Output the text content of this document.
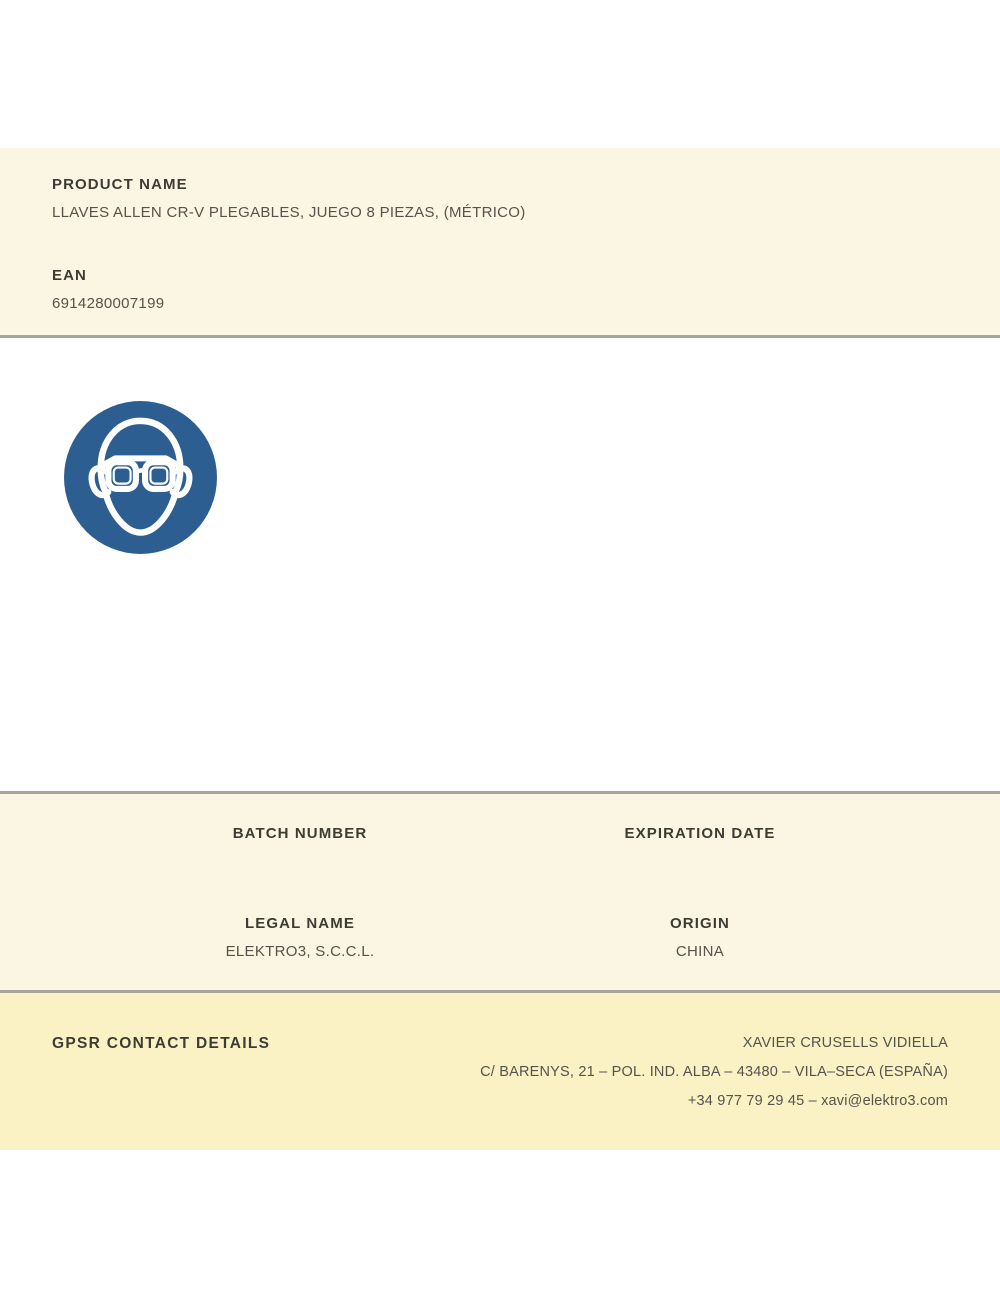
PRODUCT NAME
LLAVES ALLEN CR-V PLEGABLES, JUEGO 8 PIEZAS, (MÉTRICO)
EAN
6914280007199
BATCH NUMBER	EXPIRATION DATE
LEGAL NAME
ELEKTRO3, S.C.C.L.
ORIGIN
CHINA
GPSR CONTACT DETAILS	XAVIER CRUSELLS VIDIELLA
C/ BARENYS, 21 – POL. IND. ALBA – 43480 – VILA–SECA (ESPAÑA)
+34 977 79 29 45 – xavi@elektro3.com
